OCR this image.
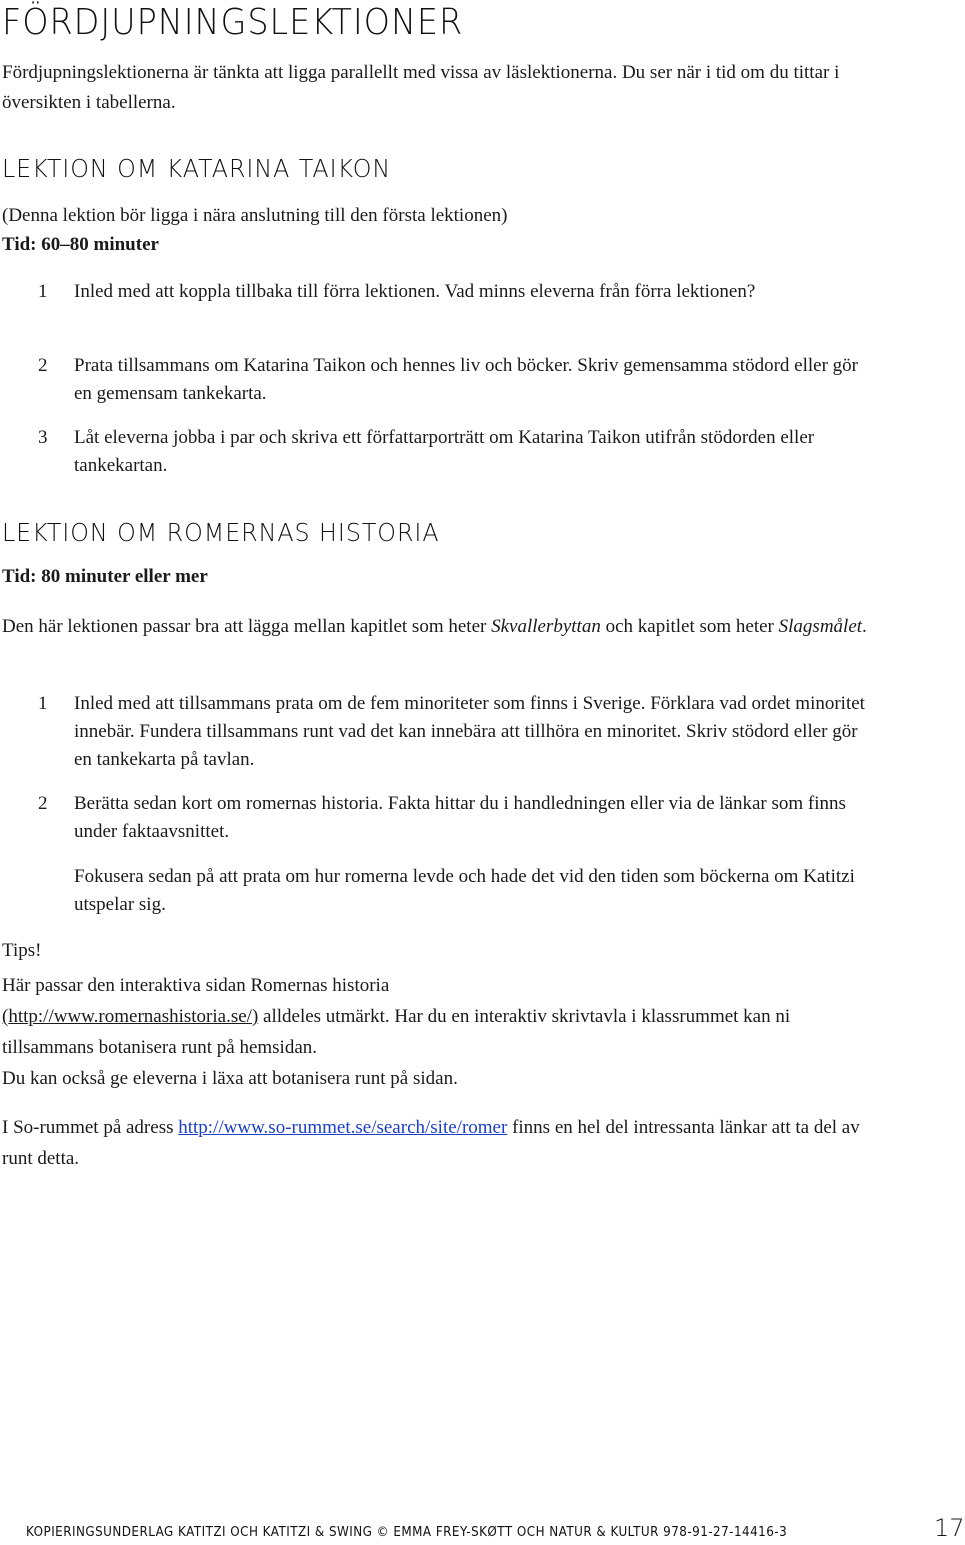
FÖRDJUPNINGSLEKTIONER
Fördjupningslektionerna är tänkta att ligga parallellt med vissa av läslektionerna. Du ser när i tid om du tittar i översikten i tabellerna.
LEKTION OM KATARINA TAIKON
(Denna lektion bör ligga i nära anslutning till den första lektionen)
Tid: 60–80 minuter
1	Inled med att koppla tillbaka till förra lektionen. Vad minns eleverna från förra lektionen?
2	Prata tillsammans om Katarina Taikon och hennes liv och böcker. Skriv gemensamma stödord eller gör en gemensam tankekarta.
3	Låt eleverna jobba i par och skriva ett författarporträtt om Katarina Taikon utifrån stödorden eller tankekartan.
LEKTION OM ROMERNAS HISTORIA
Tid: 80 minuter eller mer
Den här lektionen passar bra att lägga mellan kapitlet som heter Skvallerbyttan och kapitlet som heter Slagsmålet.
1	Inled med att tillsammans prata om de fem minoriteter som finns i Sverige. Förklara vad ordet minoritet innebär. Fundera tillsammans runt vad det kan innebära att tillhöra en minoritet. Skriv stödord eller gör en tankekarta på tavlan.
2	Berätta sedan kort om romernas historia. Fakta hittar du i handledningen eller via de länkar som finns under faktaavsnittet.
Fokusera sedan på att prata om hur romerna levde och hade det vid den tiden som böckerna om Katitzi utspelar sig.
Tips!
Här passar den interaktiva sidan Romernas historia
(http://www.romernashistoria.se/) alldeles utmärkt. Har du en interaktiv skrivtavla i klassrummet kan ni tillsammans botanisera runt på hemsidan.
Du kan också ge eleverna i läxa att botanisera runt på sidan.
I So-rummet på adress http://www.so-rummet.se/search/site/romer finns en hel del intressanta länkar att ta del av runt detta.
KOPIERINGSUNDERLAG KATITZI OCH KATITZI & SWING © EMMA FREY-SKØTT OCH NATUR & KULTUR 978-91-27-14416-3	17
